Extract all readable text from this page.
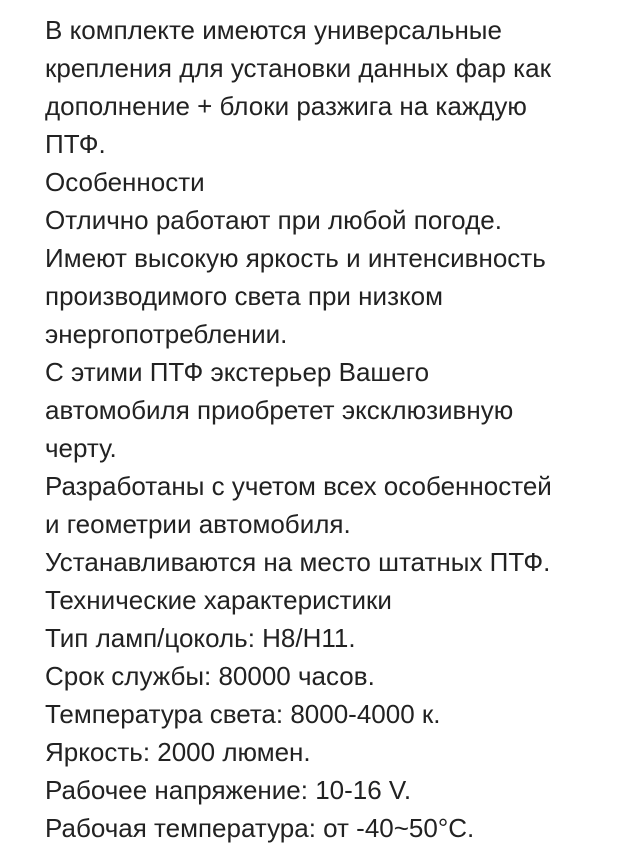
В комплекте имеются универсальные
крепления для установки данных фар как
дополнение + блоки разжига на каждую
ПТФ.
Особенности
Отлично работают при любой погоде.
Имеют высокую яркость и интенсивность
производимого света при низком
энергопотреблении.
С этими ПТФ экстерьер Вашего
автомобиля приобретет эксклюзивную
черту.
Разработаны с учетом всех особенностей
и геометрии автомобиля.
Устанавливаются на место штатных ПТФ.
Технические характеристики
Тип ламп/цоколь: H8/H11.
Срок службы: 80000 часов.
Температура света: 8000-4000 к.
Яркость: 2000 люмен.
Рабочее напряжение: 10-16 V.
Рабочая температура: от -40~50°C.
